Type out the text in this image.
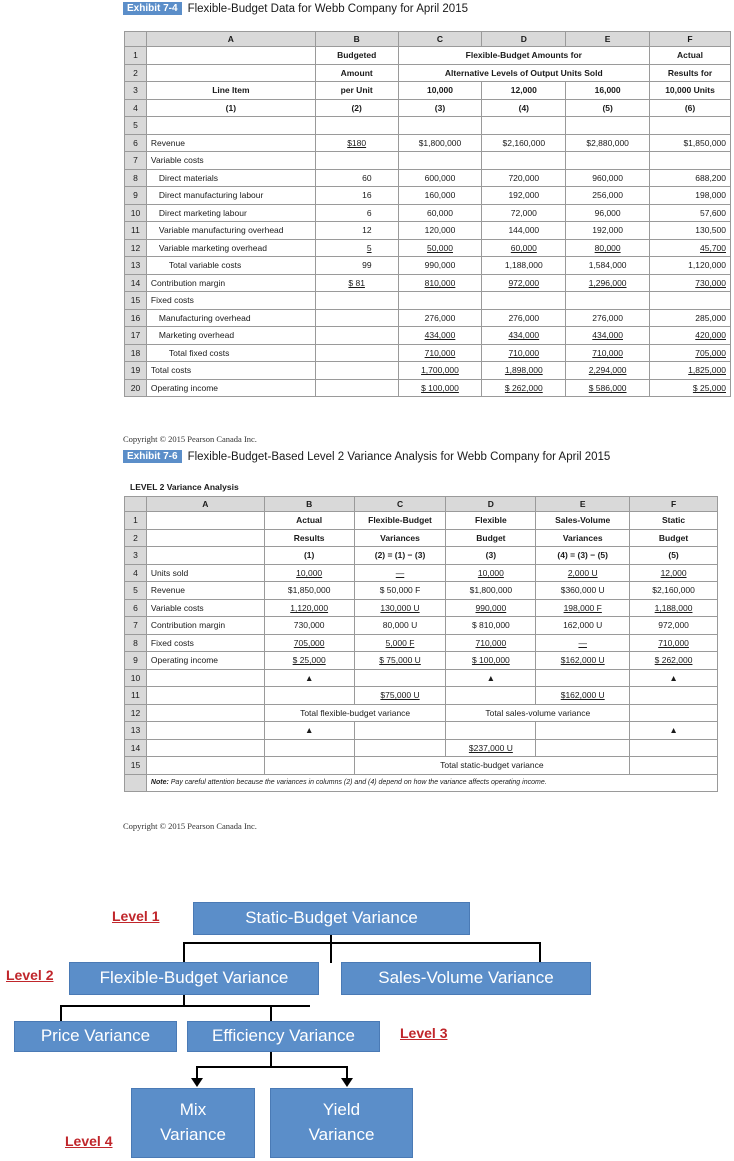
Exhibit 7-4 Flexible-Budget Data for Webb Company for April 2015
	A	B	C	D	E	F
1		Budgeted	Flexible-Budget Amounts for			Actual
2		Amount	Alternative Levels of Output Units Sold			Results for
3	Line Item	per Unit	10,000	12,000	16,000	10,000 Units
4	(1)	(2)	(3)	(4)	(5)	(6)
5						
6	Revenue	$180	$1,800,000	$2,160,000	$2,880,000	$1,850,000
7	Variable costs					
8	Direct materials	60	600,000	720,000	960,000	688,200
9	Direct manufacturing labour	16	160,000	192,000	256,000	198,000
10	Direct marketing labour	6	60,000	72,000	96,000	57,600
11	Variable manufacturing overhead	12	120,000	144,000	192,000	130,500
12	Variable marketing overhead	5	50,000	60,000	80,000	45,700
13	Total variable costs	99	990,000	1,188,000	1,584,000	1,120,000
14	Contribution margin	$ 81	810,000	972,000	1,296,000	730,000
15	Fixed costs					
16	Manufacturing overhead		276,000	276,000	276,000	285,000
17	Marketing overhead		434,000	434,000	434,000	420,000
18	Total fixed costs		710,000	710,000	710,000	705,000
19	Total costs		1,700,000	1,898,000	2,294,000	1,825,000
20	Operating income		$ 100,000	$ 262,000	$ 586,000	$ 25,000
Copyright © 2015 Pearson Canada Inc.
Exhibit 7-6 Flexible-Budget-Based Level 2 Variance Analysis for Webb Company for April 2015
LEVEL 2 Variance Analysis
	A	B	C	D	E	F
1		Actual	Flexible-Budget	Flexible	Sales-Volume	Static
2		Results	Variances	Budget	Variances	Budget
3		(1)	(2) = (1) − (3)	(3)	(4) = (3) − (5)	(5)
4	Units sold	10,000	—	10,000	2,000 U	12,000
5	Revenue	$1,850,000	$ 50,000 F	$1,800,000	$360,000 U	$2,160,000
6	Variable costs	1,120,000	130,000 U	990,000	198,000 F	1,188,000
7	Contribution margin	730,000	80,000 U	$ 810,000	162,000 U	972,000
8	Fixed costs	705,000	5,000 F	710,000	—	710,000
9	Operating income	$ 25,000	$ 75,000 U	$ 100,000	$162,000 U	$ 262,000
10		▲		▲		▲
11			$75,000 U		$162,000 U	
12		Total flexible-budget variance		Total sales-volume variance		
13		▲				▲
14				$237,000 U		
15			Total static-budget variance			
	Note: Pay careful attention because the variances in columns (2) and (4) depend on how the variance affects operating income.					
Copyright © 2015 Pearson Canada Inc.
Level 1	Static-Budget Variance
Level 2	Flexible-Budget Variance	Sales-Volume Variance
Price Variance	Efficiency Variance	Level 3
Mix
Variance
Yield
Variance
Level 4
